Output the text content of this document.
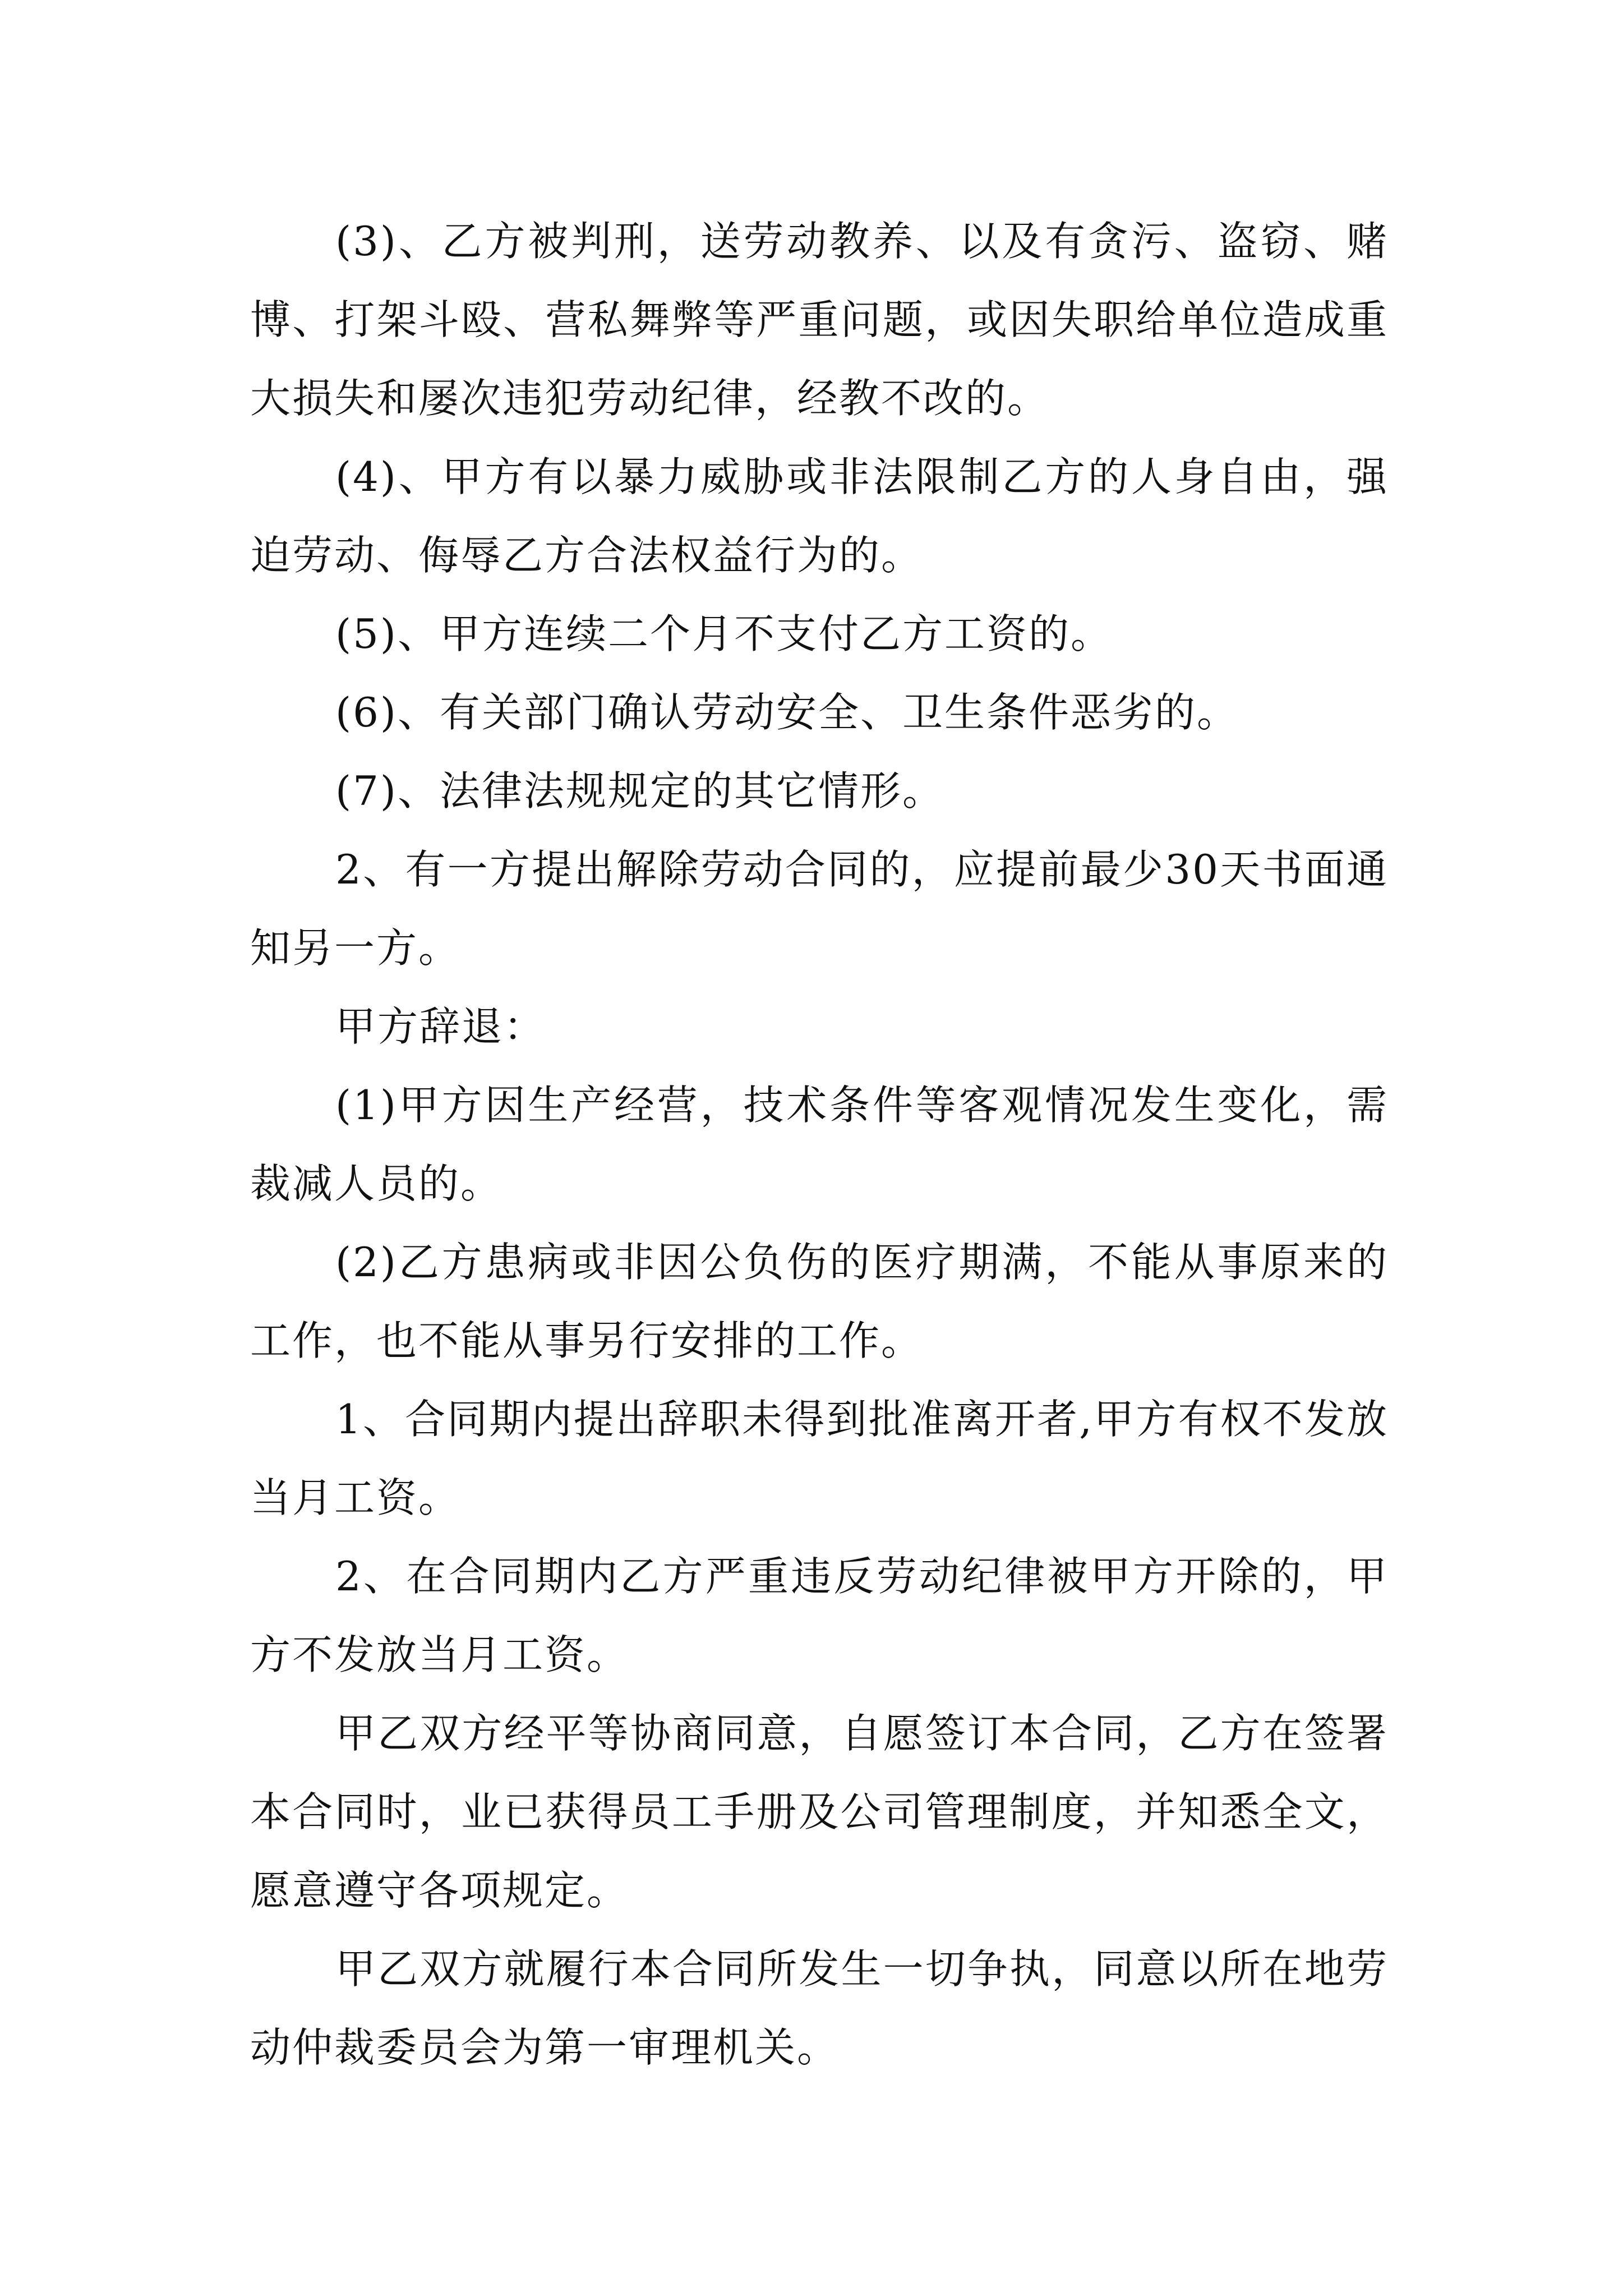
(3)、乙方被判刑，送劳动教养、以及有贪污、盗窃、赌博、打架斗殴、营私舞弊等严重问题，或因失职给单位造成重大损失和屡次违犯劳动纪律，经教不改的。

(4)、甲方有以暴力威胁或非法限制乙方的人身自由，强迫劳动、侮辱乙方合法权益行为的。

(5)、甲方连续二个月不支付乙方工资的。

(6)、有关部门确认劳动安全、卫生条件恶劣的。

(7)、法律法规规定的其它情形。

2、有一方提出解除劳动合同的，应提前最少30天书面通知另一方。

甲方辞退：

(1)甲方因生产经营，技术条件等客观情况发生变化，需裁减人员的。

(2)乙方患病或非因公负伤的医疗期满，不能从事原来的工作，也不能从事另行安排的工作。

1、合同期内提出辞职未得到批准离开者,甲方有权不发放当月工资。

2、在合同期内乙方严重违反劳动纪律被甲方开除的，甲方不发放当月工资。

甲乙双方经平等协商同意，自愿签订本合同，乙方在签署本合同时，业已获得员工手册及公司管理制度，并知悉全文，愿意遵守各项规定。

甲乙双方就履行本合同所发生一切争执，同意以所在地劳动仲裁委员会为第一审理机关。
